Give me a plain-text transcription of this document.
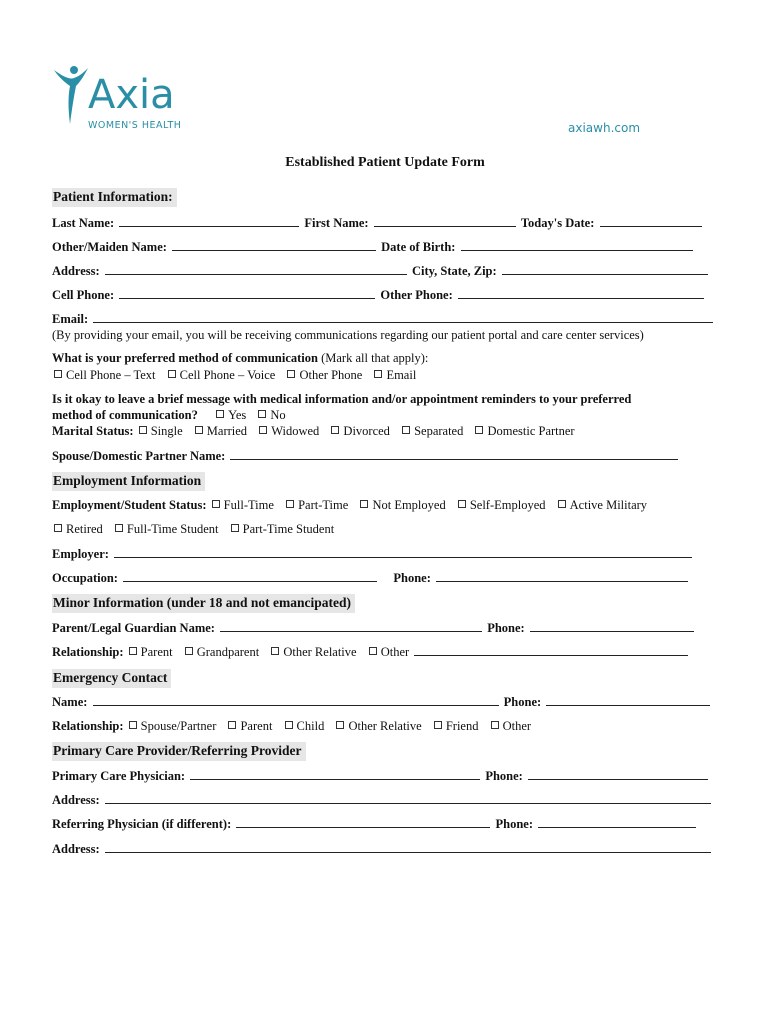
Axia
WOMEN'S HEALTH	axiawh.com
Established Patient Update Form
Patient Information:
Last Name:	First Name:	Today's Date:
Other/Maiden Name:	Date of Birth:
Address:	City, State, Zip:
Cell Phone:	Other Phone:
Email:
(By providing your email, you will be receiving communications regarding our patient portal and care center services)
What is your preferred method of communication (Mark all that apply):
Cell Phone – Text Cell Phone – Voice Other Phone Email
Is it okay to leave a brief message with medical information and/or appointment reminders to your preferred
method of communication? Yes No
Marital Status: Single Married Widowed Divorced Separated Domestic Partner
Spouse/Domestic Partner Name:
Employment Information
Employment/Student Status: Full-Time Part-Time Not Employed Self-Employed Active Military
Retired Full-Time Student Part-Time Student
Employer:
Occupation:	Phone:
Minor Information (under 18 and not emancipated)
Parent/Legal Guardian Name:	Phone:
Relationship: Parent Grandparent Other Relative Other
Emergency Contact
Name:	Phone:
Relationship: Spouse/Partner Parent Child Other Relative Friend Other
Primary Care Provider/Referring Provider
Primary Care Physician:	Phone:
Address:
Referring Physician (if different):	Phone:
Address:
